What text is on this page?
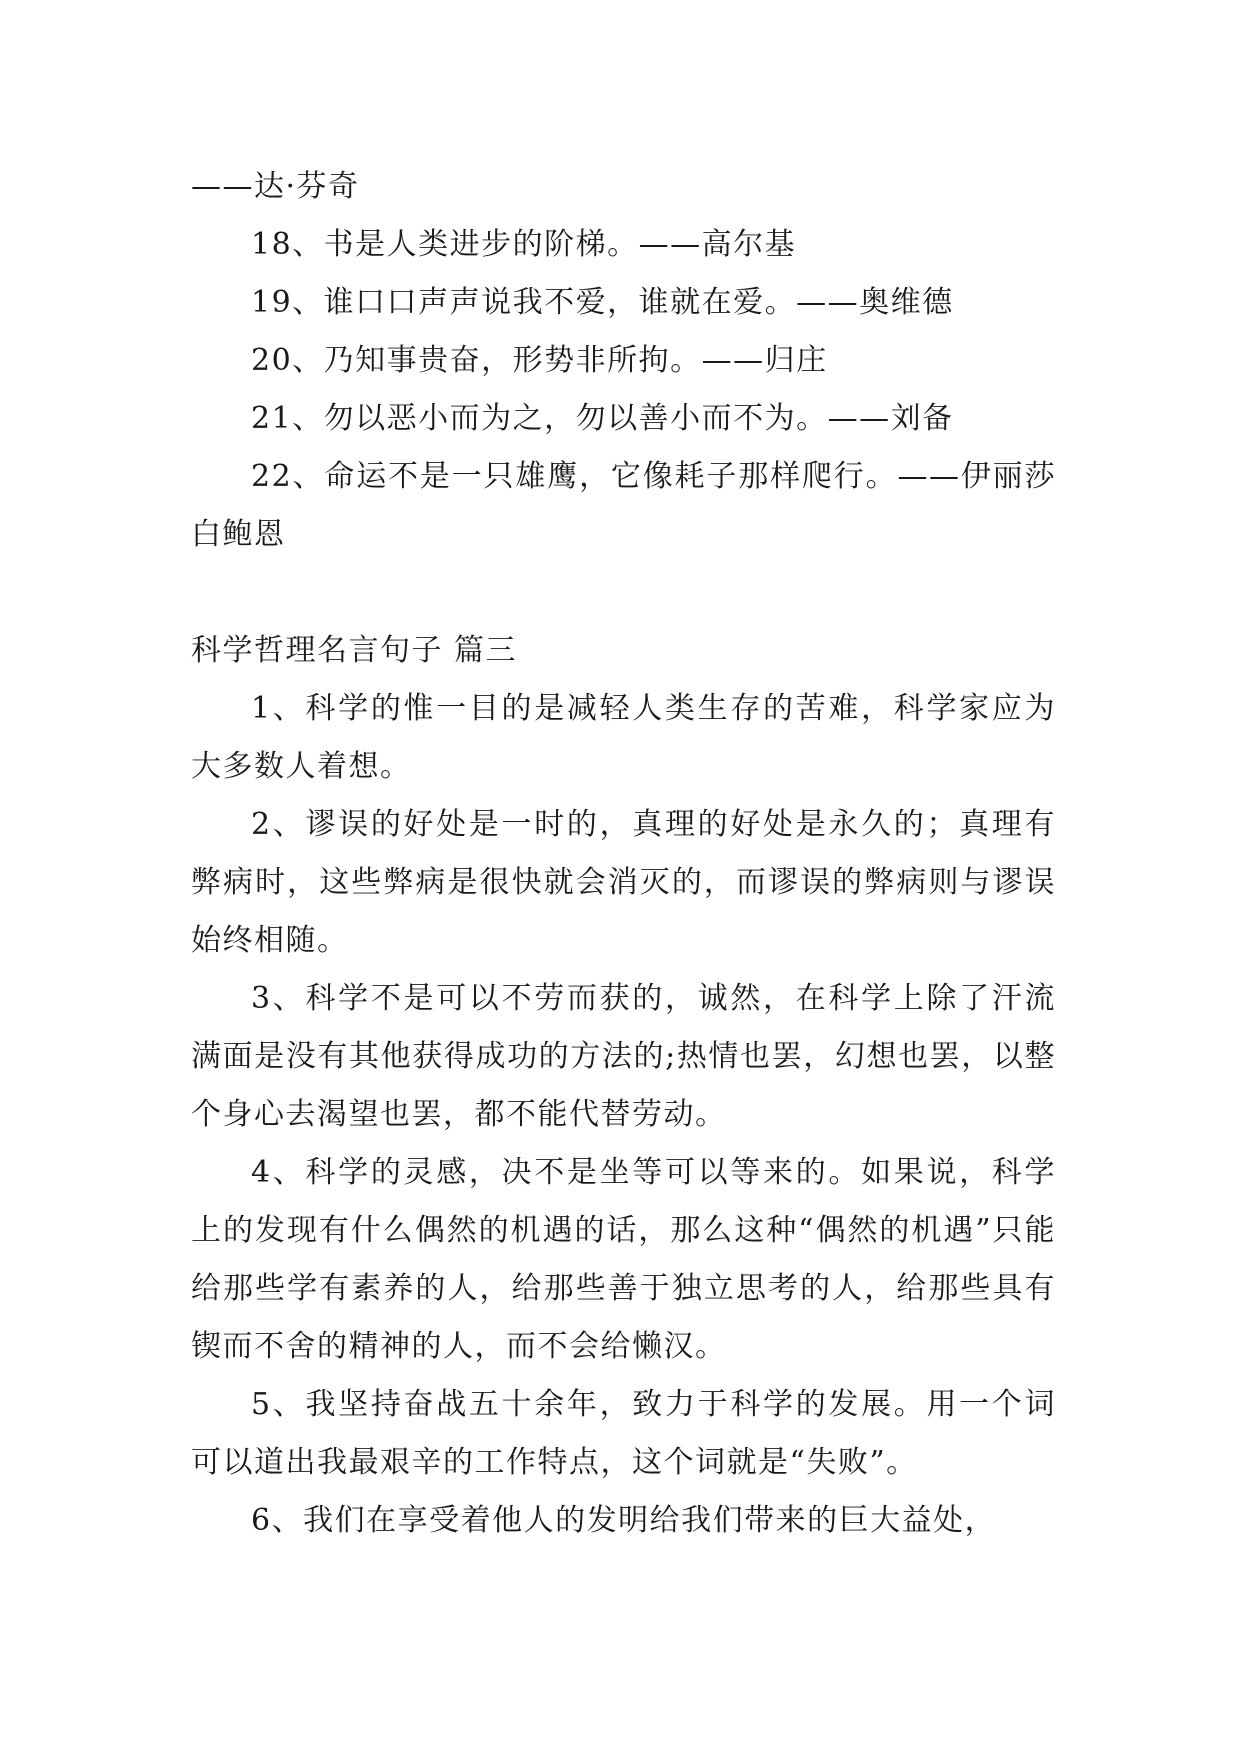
——达·芬奇
18、书是人类进步的阶梯。——高尔基
19、谁口口声声说我不爱，谁就在爱。——奥维德
20、乃知事贵奋，形势非所拘。——归庄
21、勿以恶小而为之，勿以善小而不为。——刘备
22、命运不是一只雄鹰，它像耗子那样爬行。——伊丽莎白鲍恩
科学哲理名言句子 篇三
1、科学的惟一目的是减轻人类生存的苦难，科学家应为大多数人着想。
2、谬误的好处是一时的，真理的好处是永久的；真理有弊病时，这些弊病是很快就会消灭的，而谬误的弊病则与谬误始终相随。
3、科学不是可以不劳而获的，诚然，在科学上除了汗流满面是没有其他获得成功的方法的;热情也罢，幻想也罢，以整个身心去渴望也罢，都不能代替劳动。
4、科学的灵感，决不是坐等可以等来的。如果说，科学上的发现有什么偶然的机遇的话，那么这种“偶然的机遇”只能给那些学有素养的人，给那些善于独立思考的人，给那些具有锲而不舍的精神的人，而不会给懒汉。
5、我坚持奋战五十余年，致力于科学的发展。用一个词可以道出我最艰辛的工作特点，这个词就是“失败”。
6、我们在享受着他人的发明给我们带来的巨大益处，
